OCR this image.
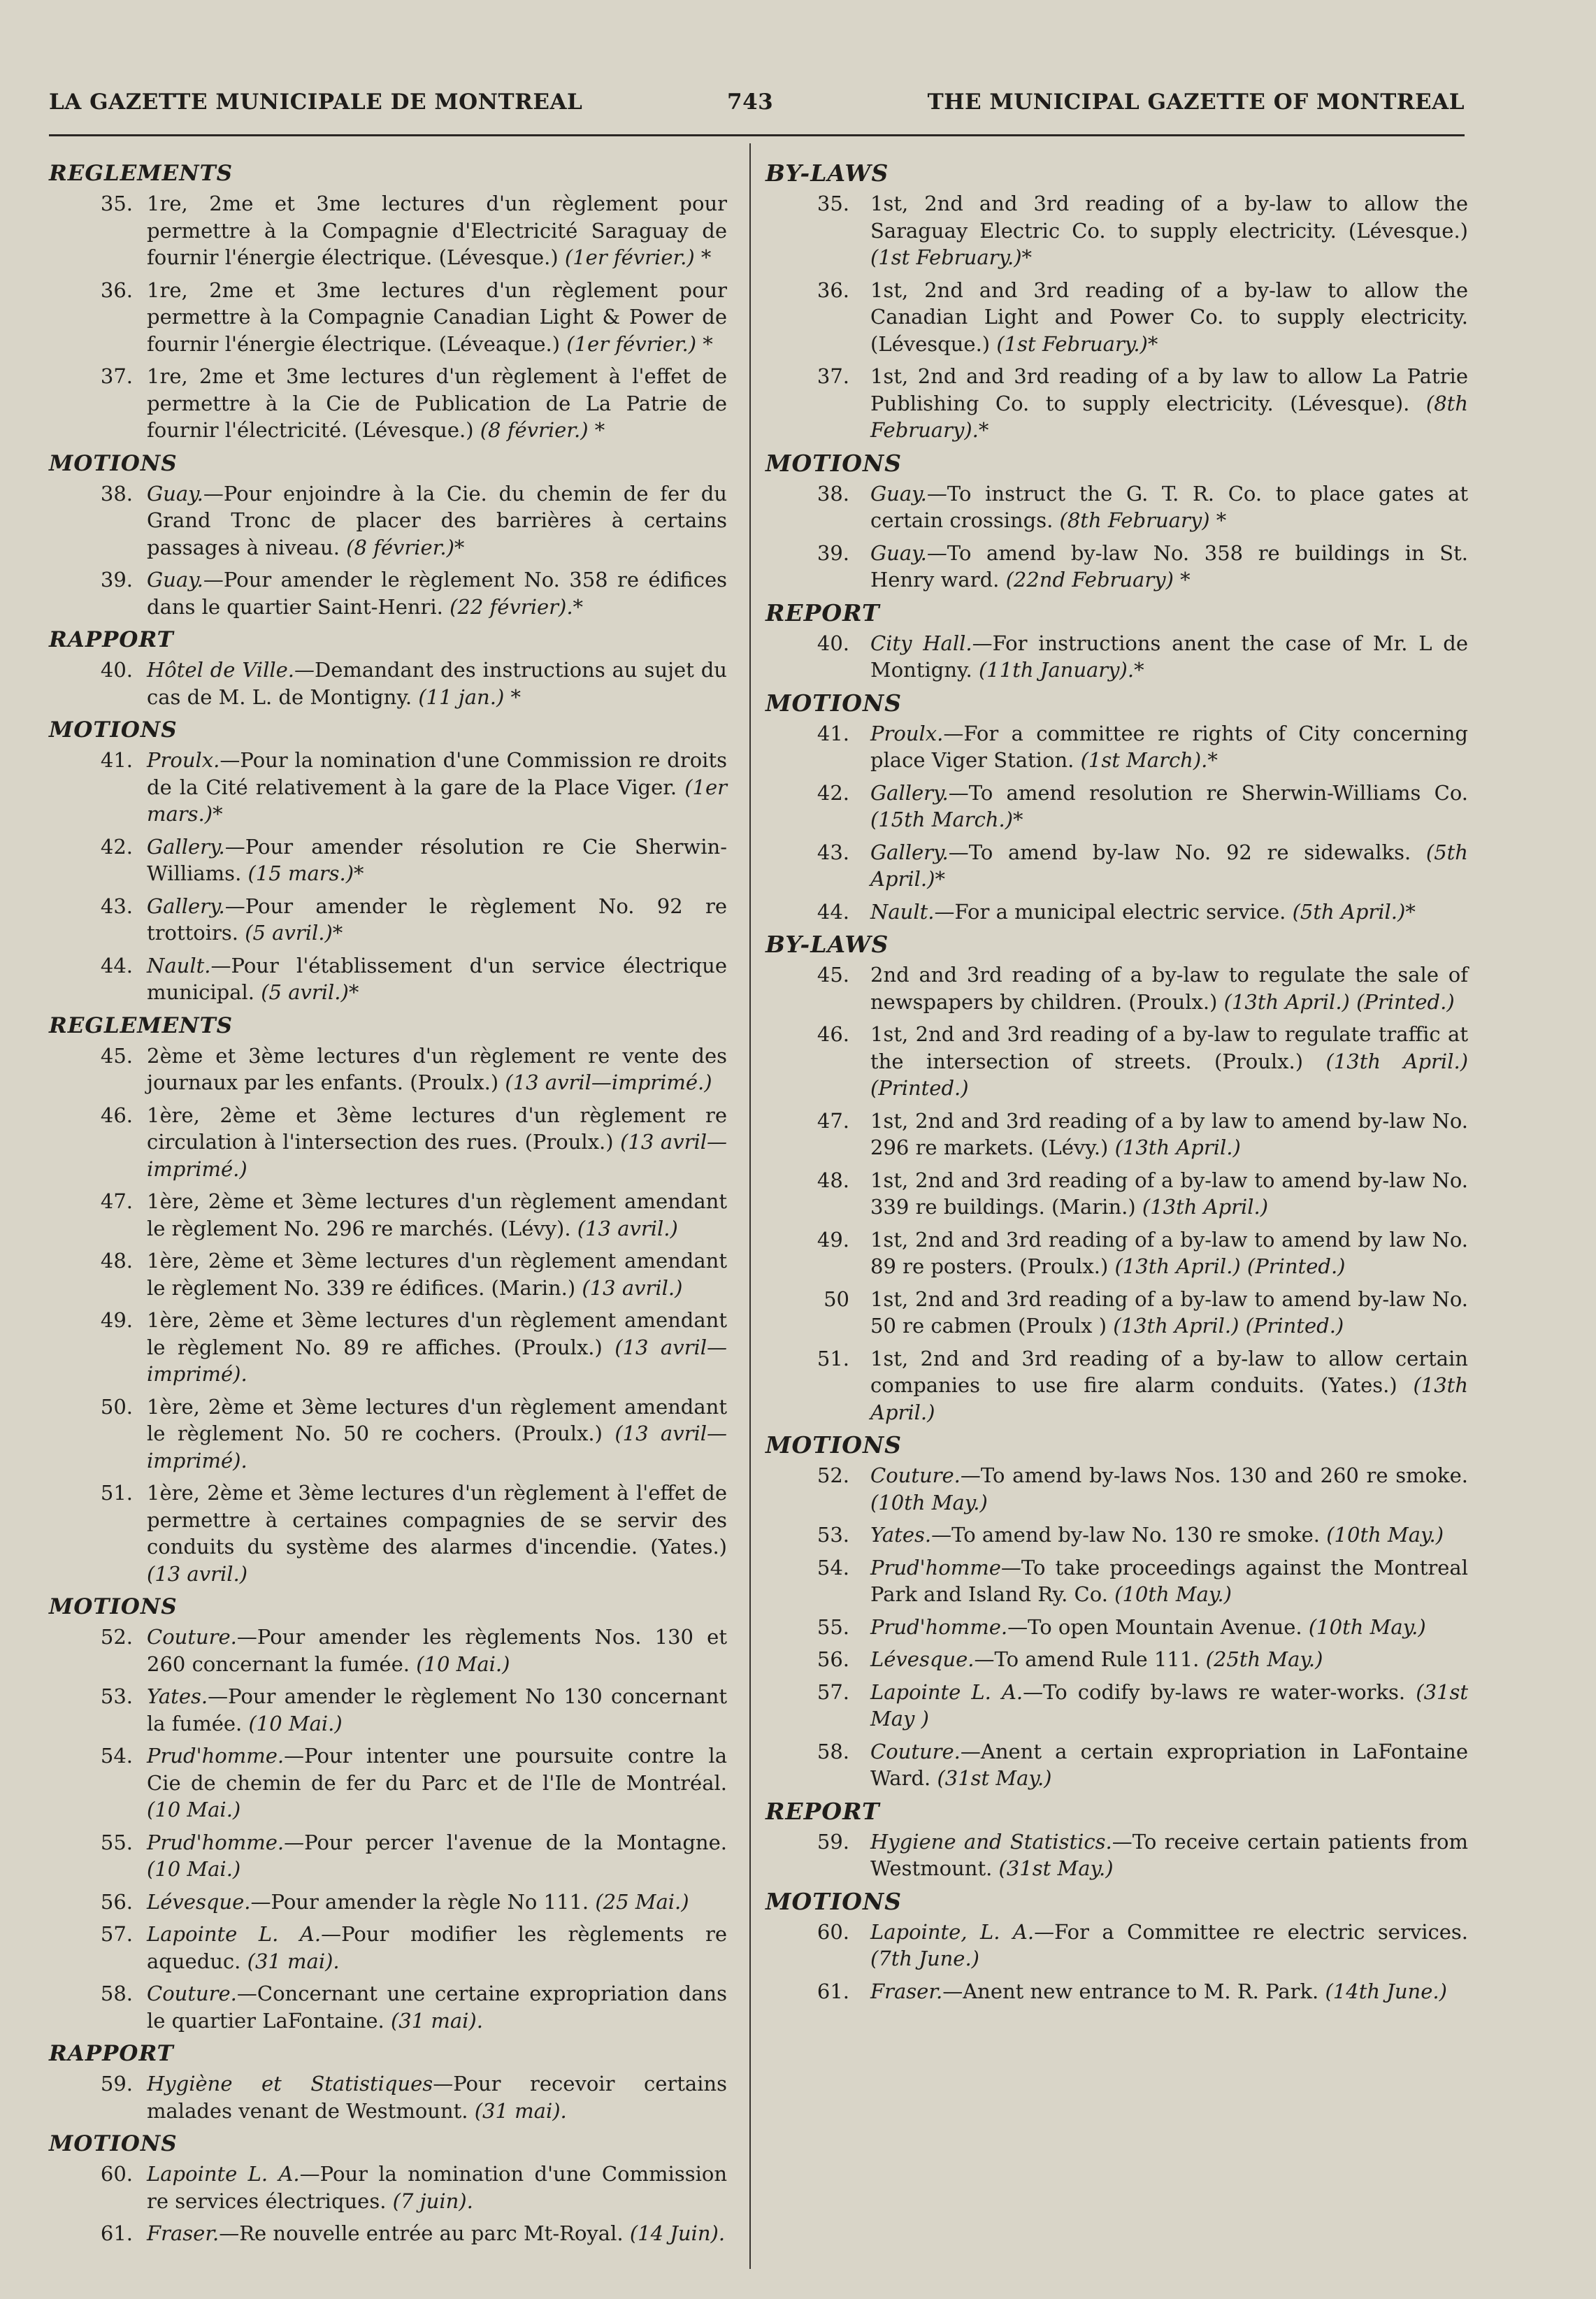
LA GAZETTE MUNICIPALE DE MONTREAL	743	THE MUNICIPAL GAZETTE OF MONTREAL
REGLEMENTS
35. 1re, 2me et 3me lectures d'un règlement pour permettre à la Compagnie d'Electricité Saraguay de fournir l'énergie électrique. (Lévesque.) (1er février.) *
36. 1re, 2me et 3me lectures d'un règlement pour permettre à la Compagnie Canadian Light & Power de fournir l'énergie électrique. (Léveaque.) (1er février.) *
37. 1re, 2me et 3me lectures d'un règlement à l'effet de permettre à la Cie de Publication de La Patrie de fournir l'électricité. (Lévesque.) (8 février.) *
MOTIONS
38. Guay.—Pour enjoindre à la Cie. du chemin de fer du Grand Tronc de placer des barrières à certains passages à niveau. (8 février.)*
39. Guay.—Pour amender le règlement No. 358 re édifices dans le quartier Saint-Henri. (22 février).*
RAPPORT
40. Hôtel de Ville.—Demandant des instructions au sujet du cas de M. L. de Montigny. (11 jan.) *
MOTIONS
41. Proulx.—Pour la nomination d'une Commission re droits de la Cité relativement à la gare de la Place Viger. (1er mars.)*
42. Gallery.—Pour amender résolution re Cie Sherwin-Williams. (15 mars.)*
43. Gallery.—Pour amender le règlement No. 92 re trottoirs. (5 avril.)*
44. Nault.—Pour l'établissement d'un service électrique municipal. (5 avril.)*
REGLEMENTS
45. 2ème et 3ème lectures d'un règlement re vente des journaux par les enfants. (Proulx.) (13 avril—imprimé.)
46. 1ère, 2ème et 3ème lectures d'un règlement re circulation à l'intersection des rues. (Proulx.) (13 avril—imprimé.)
47. 1ère, 2ème et 3ème lectures d'un règlement amendant le règlement No. 296 re marchés. (Lévy). (13 avril.)
48. 1ère, 2ème et 3ème lectures d'un règlement amendant le règlement No. 339 re édifices. (Marin.) (13 avril.)
49. 1ère, 2ème et 3ème lectures d'un règlement amendant le règlement No. 89 re affiches. (Proulx.) (13 avril—imprimé).
50. 1ère, 2ème et 3ème lectures d'un règlement amendant le règlement No. 50 re cochers. (Proulx.) (13 avril—imprimé).
51. 1ère, 2ème et 3ème lectures d'un règlement à l'effet de permettre à certaines compagnies de se servir des conduits du système des alarmes d'incendie. (Yates.) (13 avril.)
MOTIONS
52. Couture.—Pour amender les règlements Nos. 130 et 260 concernant la fumée. (10 Mai.)
53. Yates.—Pour amender le règlement No 130 concernant la fumée. (10 Mai.)
54. Prud'homme.—Pour intenter une poursuite contre la Cie de chemin de fer du Parc et de l'Ile de Montréal. (10 Mai.)
55. Prud'homme.—Pour percer l'avenue de la Montagne. (10 Mai.)
56. Lévesque.—Pour amender la règle No 111. (25 Mai.)
57. Lapointe L. A.—Pour modifier les règlements re aqueduc. (31 mai).
58. Couture.—Concernant une certaine expropriation dans le quartier LaFontaine. (31 mai).
RAPPORT
59. Hygiène et Statistiques—Pour recevoir certains malades venant de Westmount. (31 mai).
MOTIONS
60. Lapointe L. A.—Pour la nomination d'une Commission re services électriques. (7 juin).
61. Fraser.—Re nouvelle entrée au parc Mt-Royal. (14 Juin).
BY-LAWS
35. 1st, 2nd and 3rd reading of a by-law to allow the Saraguay Electric Co. to supply electricity. (Lévesque.) (1st February.)*
36. 1st, 2nd and 3rd reading of a by-law to allow the Canadian Light and Power Co. to supply electricity. (Lévesque.) (1st February.)*
37. 1st, 2nd and 3rd reading of a by law to allow La Patrie Publishing Co. to supply electricity. (Lévesque). (8th February).*
MOTIONS
38. Guay.—To instruct the G. T. R. Co. to place gates at certain crossings. (8th February) *
39. Guay.—To amend by-law No. 358 re buildings in St. Henry ward. (22nd February) *
REPORT
40. City Hall.—For instructions anent the case of Mr. L de Montigny. (11th January).*
MOTIONS
41. Proulx.—For a committee re rights of City concerning place Viger Station. (1st March).*
42. Gallery.—To amend resolution re Sherwin-Williams Co. (15th March.)*
43. Gallery.—To amend by-law No. 92 re sidewalks. (5th April.)*
44. Nault.—For a municipal electric service. (5th April.)*
BY-LAWS
45. 2nd and 3rd reading of a by-law to regulate the sale of newspapers by children. (Proulx.) (13th April.) (Printed.)
46. 1st, 2nd and 3rd reading of a by-law to regulate traffic at the intersection of streets. (Proulx.) (13th April.) (Printed.)
47. 1st, 2nd and 3rd reading of a by law to amend by-law No. 296 re markets. (Lévy.) (13th April.)
48. 1st, 2nd and 3rd reading of a by-law to amend by-law No. 339 re buildings. (Marin.) (13th April.)
49. 1st, 2nd and 3rd reading of a by-law to amend by law No. 89 re posters. (Proulx.) (13th April.) (Printed.)
50 1st, 2nd and 3rd reading of a by-law to amend by-law No. 50 re cabmen (Proulx ) (13th April.) (Printed.)
51. 1st, 2nd and 3rd reading of a by-law to allow certain companies to use fire alarm conduits. (Yates.) (13th April.)
MOTIONS
52. Couture.—To amend by-laws Nos. 130 and 260 re smoke. (10th May.)
53. Yates.—To amend by-law No. 130 re smoke. (10th May.)
54. Prud'homme—To take proceedings against the Montreal Park and Island Ry. Co. (10th May.)
55. Prud'homme.—To open Mountain Avenue. (10th May.)
56. Lévesque.—To amend Rule 111. (25th May.)
57. Lapointe L. A.—To codify by-laws re water-works. (31st May )
58. Couture.—Anent a certain expropriation in LaFontaine Ward. (31st May.)
REPORT
59. Hygiene and Statistics.—To receive certain patients from Westmount. (31st May.)
MOTIONS
60. Lapointe, L. A.—For a Committee re electric services. (7th June.)
61. Fraser.—Anent new entrance to M. R. Park. (14th June.)
